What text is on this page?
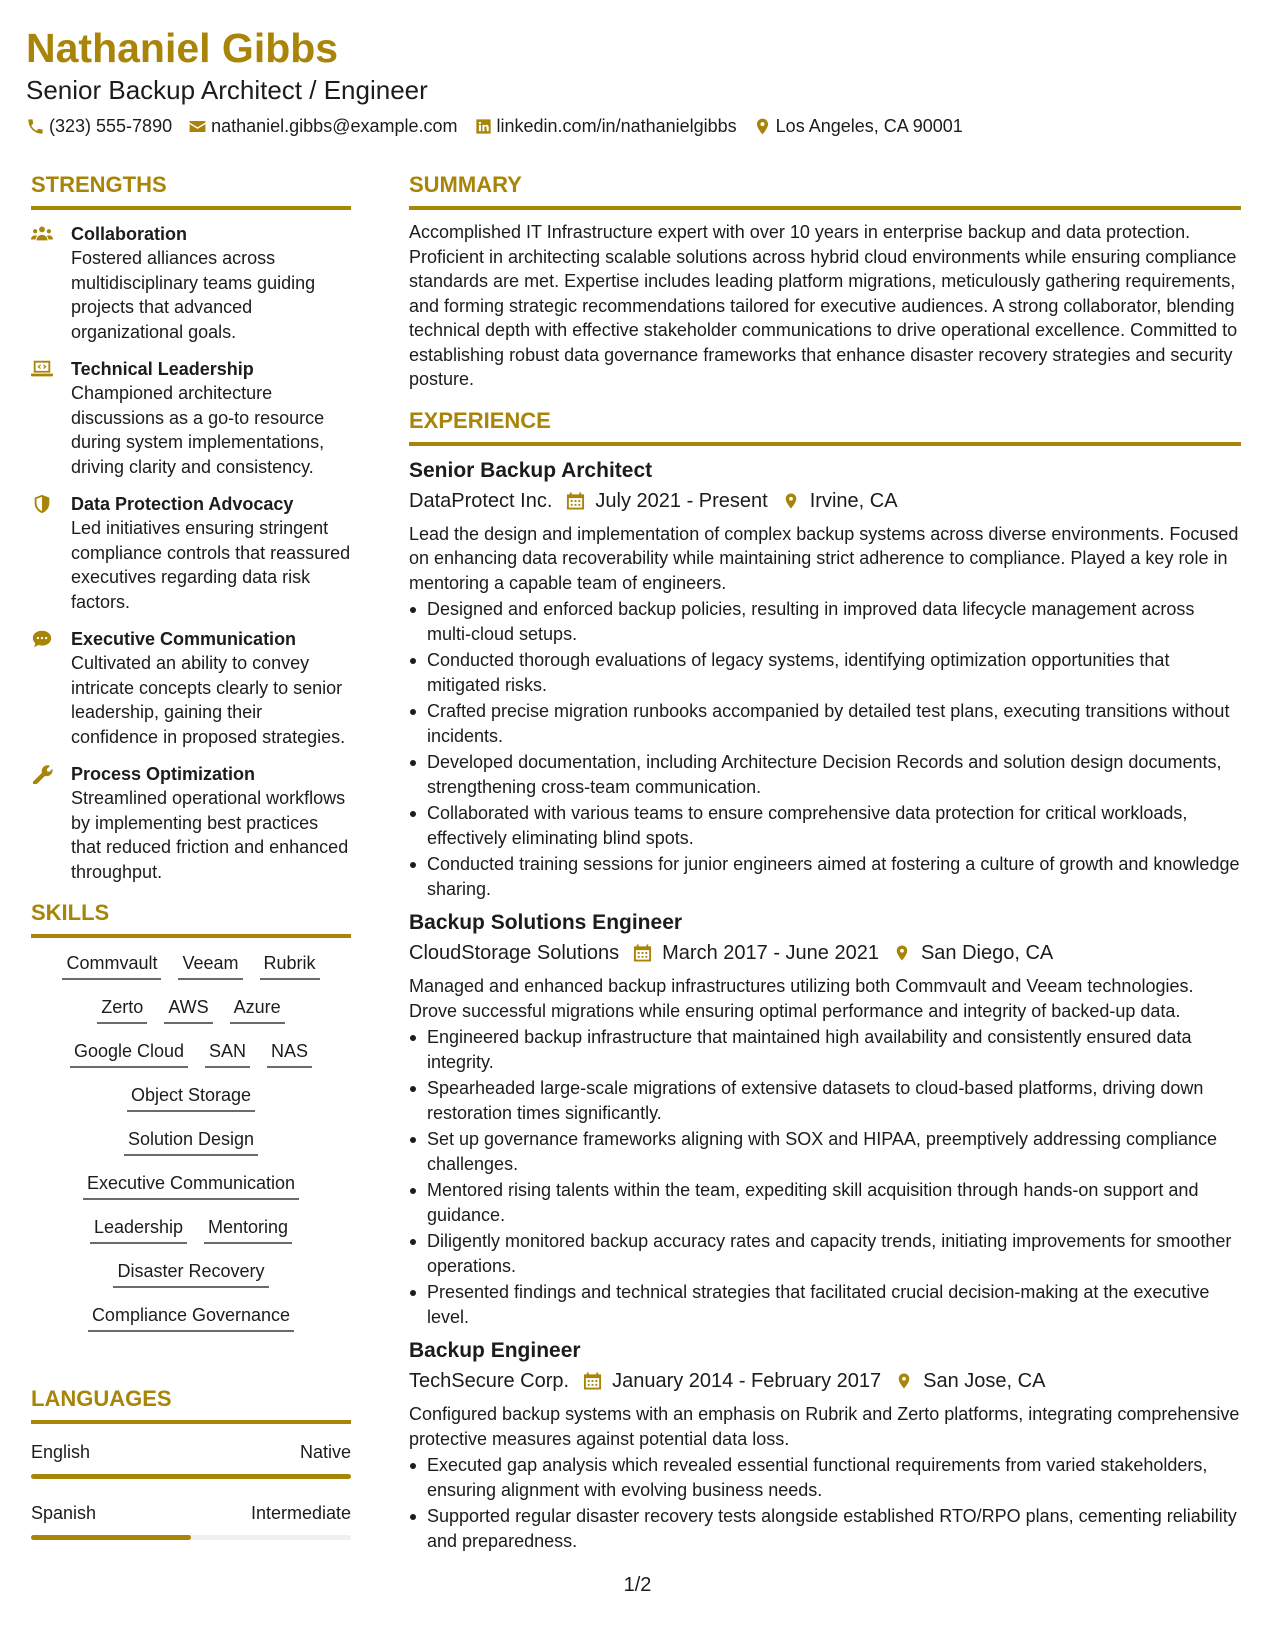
Nathaniel Gibbs
Senior Backup Architect / Engineer
(323) 555-7890 nathaniel.gibbs@example.com linkedin.com/in/nathanielgibbs Los Angeles, CA 90001
STRENGTHS
Collaboration
Fostered alliances across multidisciplinary teams guiding projects that advanced organizational goals.
Technical Leadership
Championed architecture discussions as a go-to resource during system implementations, driving clarity and consistency.
Data Protection Advocacy
Led initiatives ensuring stringent compliance controls that reassured executives regarding data risk factors.
Executive Communication
Cultivated an ability to convey intricate concepts clearly to senior leadership, gaining their confidence in proposed strategies.
Process Optimization
Streamlined operational workflows by implementing best practices that reduced friction and enhanced throughput.
SKILLS
Commvault Veeam Rubrik
Zerto AWS Azure
Google Cloud SAN NAS
Object Storage
Solution Design
Executive Communication
Leadership Mentoring
Disaster Recovery
Compliance Governance
LANGUAGES
English	Native
Spanish	Intermediate
SUMMARY

Accomplished IT Infrastructure expert with over 10 years in enterprise backup and data protection. Proficient in architecting scalable solutions across hybrid cloud environments while ensuring compliance standards are met. Expertise includes leading platform migrations, meticulously gathering requirements, and forming strategic recommendations tailored for executive audiences. A strong collaborator, blending technical depth with effective stakeholder communications to drive operational excellence. Committed to establishing robust data governance frameworks that enhance disaster recovery strategies and security posture.

EXPERIENCE
Senior Backup Architect
DataProtect Inc. July 2021 - Present Irvine, CA

Lead the design and implementation of complex backup systems across diverse environments. Focused on enhancing data recoverability while maintaining strict adherence to compliance. Played a key role in mentoring a capable team of engineers.

Designed and enforced backup policies, resulting in improved data lifecycle management across multi-cloud setups.
Conducted thorough evaluations of legacy systems, identifying optimization opportunities that mitigated risks.
Crafted precise migration runbooks accompanied by detailed test plans, executing transitions without incidents.
Developed documentation, including Architecture Decision Records and solution design documents, strengthening cross-team communication.
Collaborated with various teams to ensure comprehensive data protection for critical workloads, effectively eliminating blind spots.
Conducted training sessions for junior engineers aimed at fostering a culture of growth and knowledge sharing.
Backup Solutions Engineer
CloudStorage Solutions March 2017 - June 2021 San Diego, CA

Managed and enhanced backup infrastructures utilizing both Commvault and Veeam technologies. Drove successful migrations while ensuring optimal performance and integrity of backed-up data.

Engineered backup infrastructure that maintained high availability and consistently ensured data integrity.
Spearheaded large-scale migrations of extensive datasets to cloud-based platforms, driving down restoration times significantly.
Set up governance frameworks aligning with SOX and HIPAA, preemptively addressing compliance challenges.
Mentored rising talents within the team, expediting skill acquisition through hands-on support and guidance.
Diligently monitored backup accuracy rates and capacity trends, initiating improvements for smoother operations.
Presented findings and technical strategies that facilitated crucial decision-making at the executive level.
Backup Engineer
TechSecure Corp. January 2014 - February 2017 San Jose, CA

Configured backup systems with an emphasis on Rubrik and Zerto platforms, integrating comprehensive protective measures against potential data loss.

Executed gap analysis which revealed essential functional requirements from varied stakeholders, ensuring alignment with evolving business needs.
Supported regular disaster recovery tests alongside established RTO/RPO plans, cementing reliability and preparedness.
1/2
